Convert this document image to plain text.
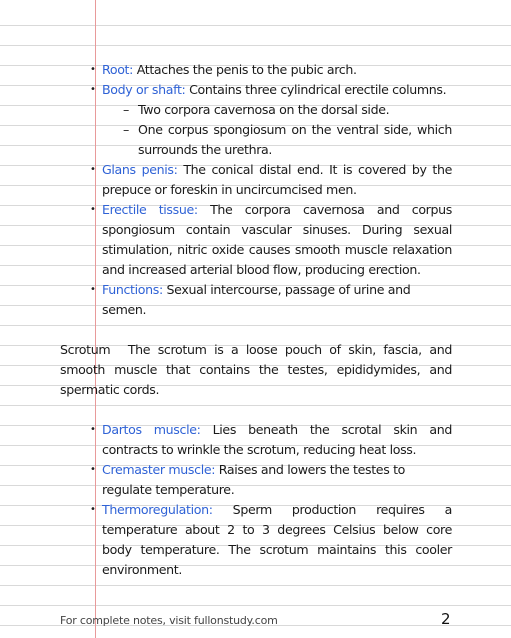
• Root: Attaches the penis to the pubic arch.
• Body or shaft: Contains three cylindrical erectile columns.
– Two corpora cavernosa on the dorsal side.
– One corpus spongiosum on the ventral side, which surrounds the urethra.
• Glans penis: The conical distal end. It is covered by the prepuce or foreskin in uncircumcised men.
• Erectile tissue: The corpora cavernosa and corpus spongiosum contain vascular sinuses. During sexual stimulation, nitric oxide causes smooth muscle relaxation and increased arterial blood flow, producing erection.
• Functions: Sexual intercourse, passage of urine and semen.

Scrotum The scrotum is a loose pouch of skin, fascia, and smooth muscle that contains the testes, epididymides, and spermatic cords.

• Dartos muscle: Lies beneath the scrotal skin and contracts to wrinkle the scrotum, reducing heat loss.
• Cremaster muscle: Raises and lowers the testes to regulate temperature.
• Thermoregulation: Sperm production requires a temperature about 2 to 3 degrees Celsius below core body temperature. The scrotum maintains this cooler environment.
For complete notes, visit fullonstudy.com	2
